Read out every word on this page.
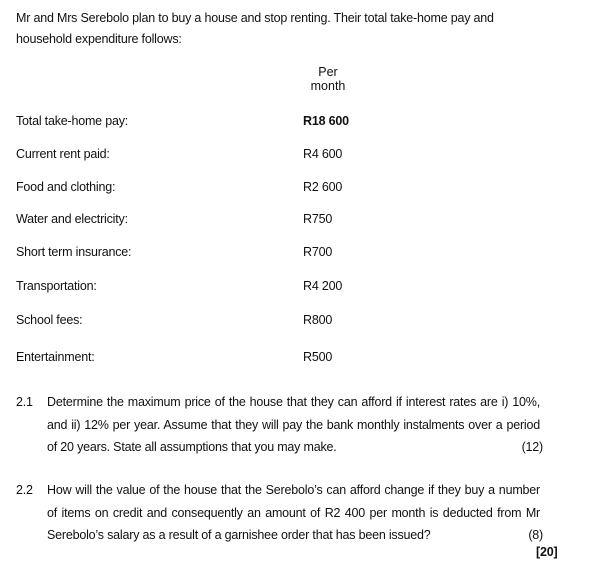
Mr and Mrs Serebolo plan to buy a house and stop renting. Their total take-home pay and household expenditure follows:
Per month
Total take-home pay:	R18 600
Current rent paid:	R4 600
Food and clothing:	R2 600
Water and electricity:	R750
Short term insurance:	R700
Transportation:	R4 200
School fees:	R800
Entertainment:	R500
2.1 Determine the maximum price of the house that they can afford if interest rates are i) 10%, and ii) 12% per year. Assume that they will pay the bank monthly instalments over a period of 20 years. State all assumptions that you may make.	(12)
2.2 How will the value of the house that the Serebolo’s can afford change if they buy a number of items on credit and consequently an amount of R2 400 per month is deducted from Mr Serebolo’s salary as a result of a garnishee order that has been issued?	(8)
[20]
